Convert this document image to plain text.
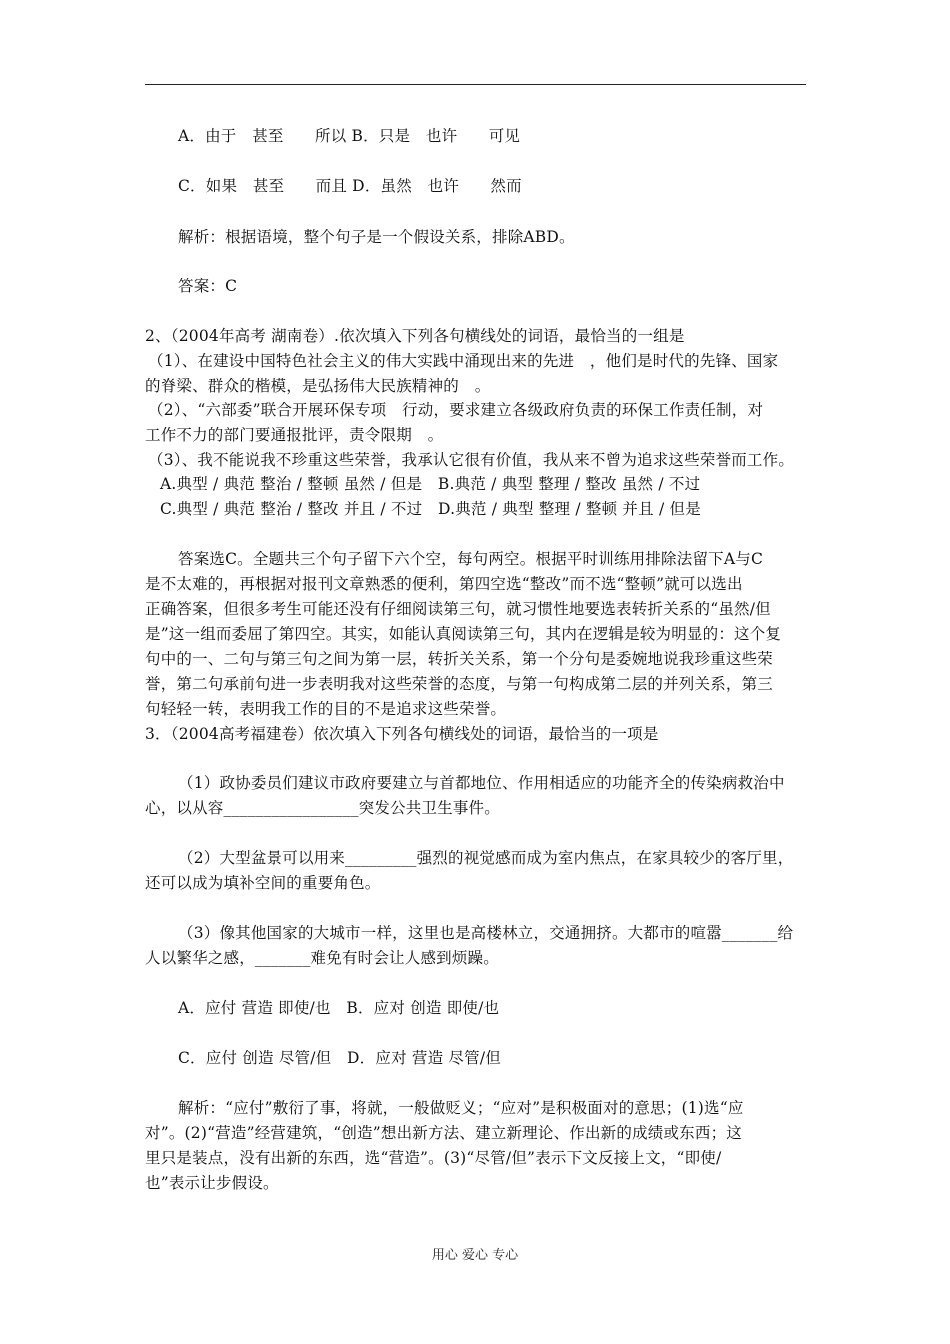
A．由于　甚至　　所以 B．只是　也许　　可见
C．如果　甚至　　而且 D．虽然　也许　　然而
解析：根据语境，整个句子是一个假设关系，排除ABD。
答案：C
2、（2004年高考 湖南卷）.依次填入下列各句横线处的词语，最恰当的一组是
（1）、在建设中国特色社会主义的伟大实践中涌现出来的先进　，他们是时代的先锋、国家
的脊梁、群众的楷模，是弘扬伟大民族精神的　。
（2）、“六部委”联合开展环保专项　行动，要求建立各级政府负责的环保工作责任制，对
工作不力的部门要通报批评，责令限期　。
（3）、我不能说我不珍重这些荣誉，我承认它很有价值，我从来不曾为追求这些荣誉而工作。
A.典型 / 典范 整治 / 整顿 虽然 / 但是　B.典范 / 典型 整理 / 整改 虽然 / 不过
C.典型 / 典范 整治 / 整改 并且 / 不过　D.典范 / 典型 整理 / 整顿 并且 / 但是
答案选C。全题共三个句子留下六个空，每句两空。根据平时训练用排除法留下A与C
是不太难的，再根据对报刊文章熟悉的便利，第四空选“整改”而不选“整顿”就可以选出
正确答案，但很多考生可能还没有仔细阅读第三句，就习惯性地要选表转折关系的“虽然/但
是”这一组而委屈了第四空。其实，如能认真阅读第三句，其内在逻辑是较为明显的：这个复
句中的一、二句与第三句之间为第一层，转折关关系，第一个分句是委婉地说我珍重这些荣
誉，第二句承前句进一步表明我对这些荣誉的态度，与第一句构成第二层的并列关系，第三
句轻轻一转，表明我工作的目的不是追求这些荣誉。
3．（2004高考福建卷）依次填入下列各句横线处的词语，最恰当的一项是
（1）政协委员们建议市政府要建立与首都地位、作用相适应的功能齐全的传染病救治中
心，以从容_________________突发公共卫生事件。
（2）大型盆景可以用来_________强烈的视觉感而成为室内焦点，在家具较少的客厅里，
还可以成为填补空间的重要角色。
（3）像其他国家的大城市一样，这里也是高楼林立，交通拥挤。大都市的喧嚣_______给
人以繁华之感，_______难免有时会让人感到烦躁。
A．应付 营造 即使/也　B．应对 创造 即使/也
C．应付 创造 尽管/但　D．应对 营造 尽管/但
解析：“应付”敷衍了事，将就，一般做贬义；“应对”是积极面对的意思；(1)选“应
对”。(2)“营造”经营建筑，“创造”想出新方法、建立新理论、作出新的成绩或东西；这
里只是装点，没有出新的东西，选“营造”。(3)“尽管/但”表示下文反接上文，“即使/
也”表示让步假设。
用心 爱心 专心
